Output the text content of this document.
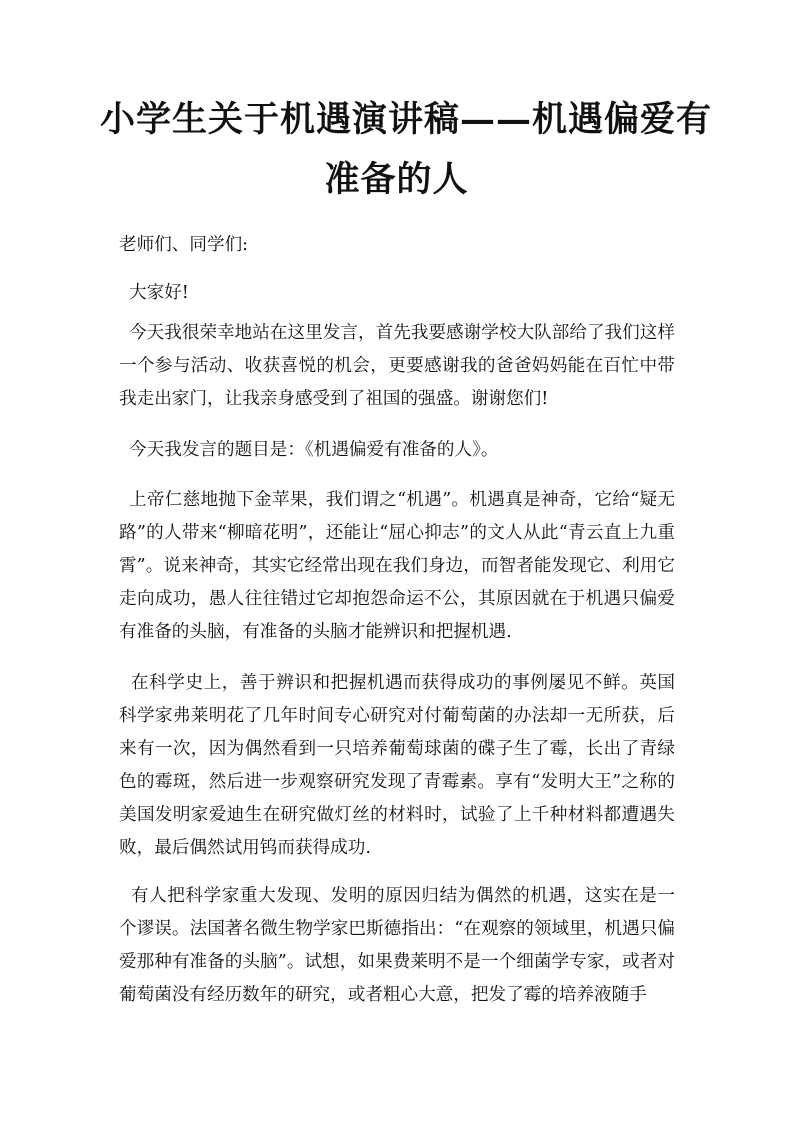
小学生关于机遇演讲稿——机遇偏爱有
准备的人

老师们、同学们:

大家好!

今天我很荣幸地站在这里发言，首先我要感谢学校大队部给了我们这样一个参与活动、收获喜悦的机会，更要感谢我的爸爸妈妈能在百忙中带我走出家门，让我亲身感受到了祖国的强盛。谢谢您们!

今天我发言的题目是：《机遇偏爱有准备的人》。

上帝仁慈地抛下金苹果，我们谓之“机遇”。机遇真是神奇，它给“疑无路”的人带来“柳暗花明”，还能让“屈心抑志”的文人从此“青云直上九重霄”。说来神奇，其实它经常出现在我们身边，而智者能发现它、利用它走向成功，愚人往往错过它却抱怨命运不公，其原因就在于机遇只偏爱有准备的头脑，有准备的头脑才能辨识和把握机遇.

在科学史上，善于辨识和把握机遇而获得成功的事例屡见不鲜。英国科学家弗莱明花了几年时间专心研究对付葡萄菌的办法却一无所获，后来有一次，因为偶然看到一只培养葡萄球菌的碟子生了霉，长出了青绿色的霉斑，然后进一步观察研究发现了青霉素。享有“发明大王”之称的美国发明家爱迪生在研究做灯丝的材料时，试验了上千种材料都遭遇失败，最后偶然试用钨而获得成功.

有人把科学家重大发现、发明的原因归结为偶然的机遇，这实在是一个谬误。法国著名微生物学家巴斯德指出：“在观察的领域里，机遇只偏爱那种有准备的头脑”。试想，如果费莱明不是一个细菌学专家，或者对葡萄菌没有经历数年的研究，或者粗心大意，把发了霉的培养液随手
